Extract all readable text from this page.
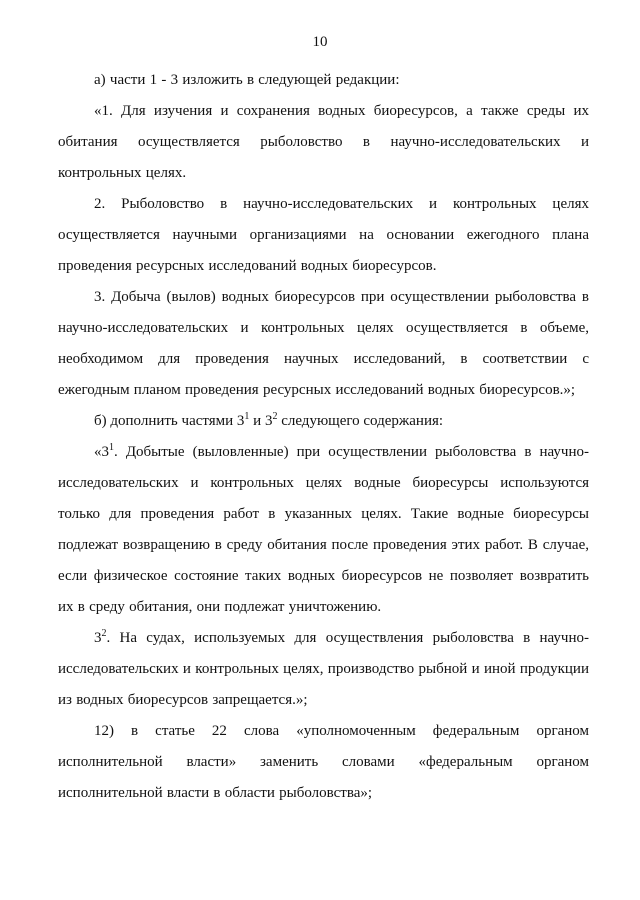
10

а) части 1 - 3 изложить в следующей редакции:

«1. Для изучения и сохранения водных биоресурсов, а также среды их обитания осуществляется рыболовство в научно-исследовательских и контрольных целях.

2. Рыболовство в научно-исследовательских и контрольных целях осуществляется научными организациями на основании ежегодного плана проведения ресурсных исследований водных биоресурсов.

3. Добыча (вылов) водных биоресурсов при осуществлении рыболовства в научно-исследовательских и контрольных целях осуществляется в объеме, необходимом для проведения научных исследований, в соответствии с ежегодным планом проведения ресурсных исследований водных биоресурсов.»;

б) дополнить частями $3^1$ и $3^2$ следующего содержания:

«$3^1$. Добытые (выловленные) при осуществлении рыболовства в научно-исследовательских и контрольных целях водные биоресурсы используются только для проведения работ в указанных целях. Такие водные биоресурсы подлежат возвращению в среду обитания после проведения этих работ. В случае, если физическое состояние таких водных биоресурсов не позволяет возвратить их в среду обитания, они подлежат уничтожению.

$3^2$. На судах, используемых для осуществления рыболовства в научно-исследовательских и контрольных целях, производство рыбной и иной продукции из водных биоресурсов запрещается.»;

12) в статье 22 слова «уполномоченным федеральным органом исполнительной власти» заменить словами «федеральным органом исполнительной власти в области рыболовства»;
